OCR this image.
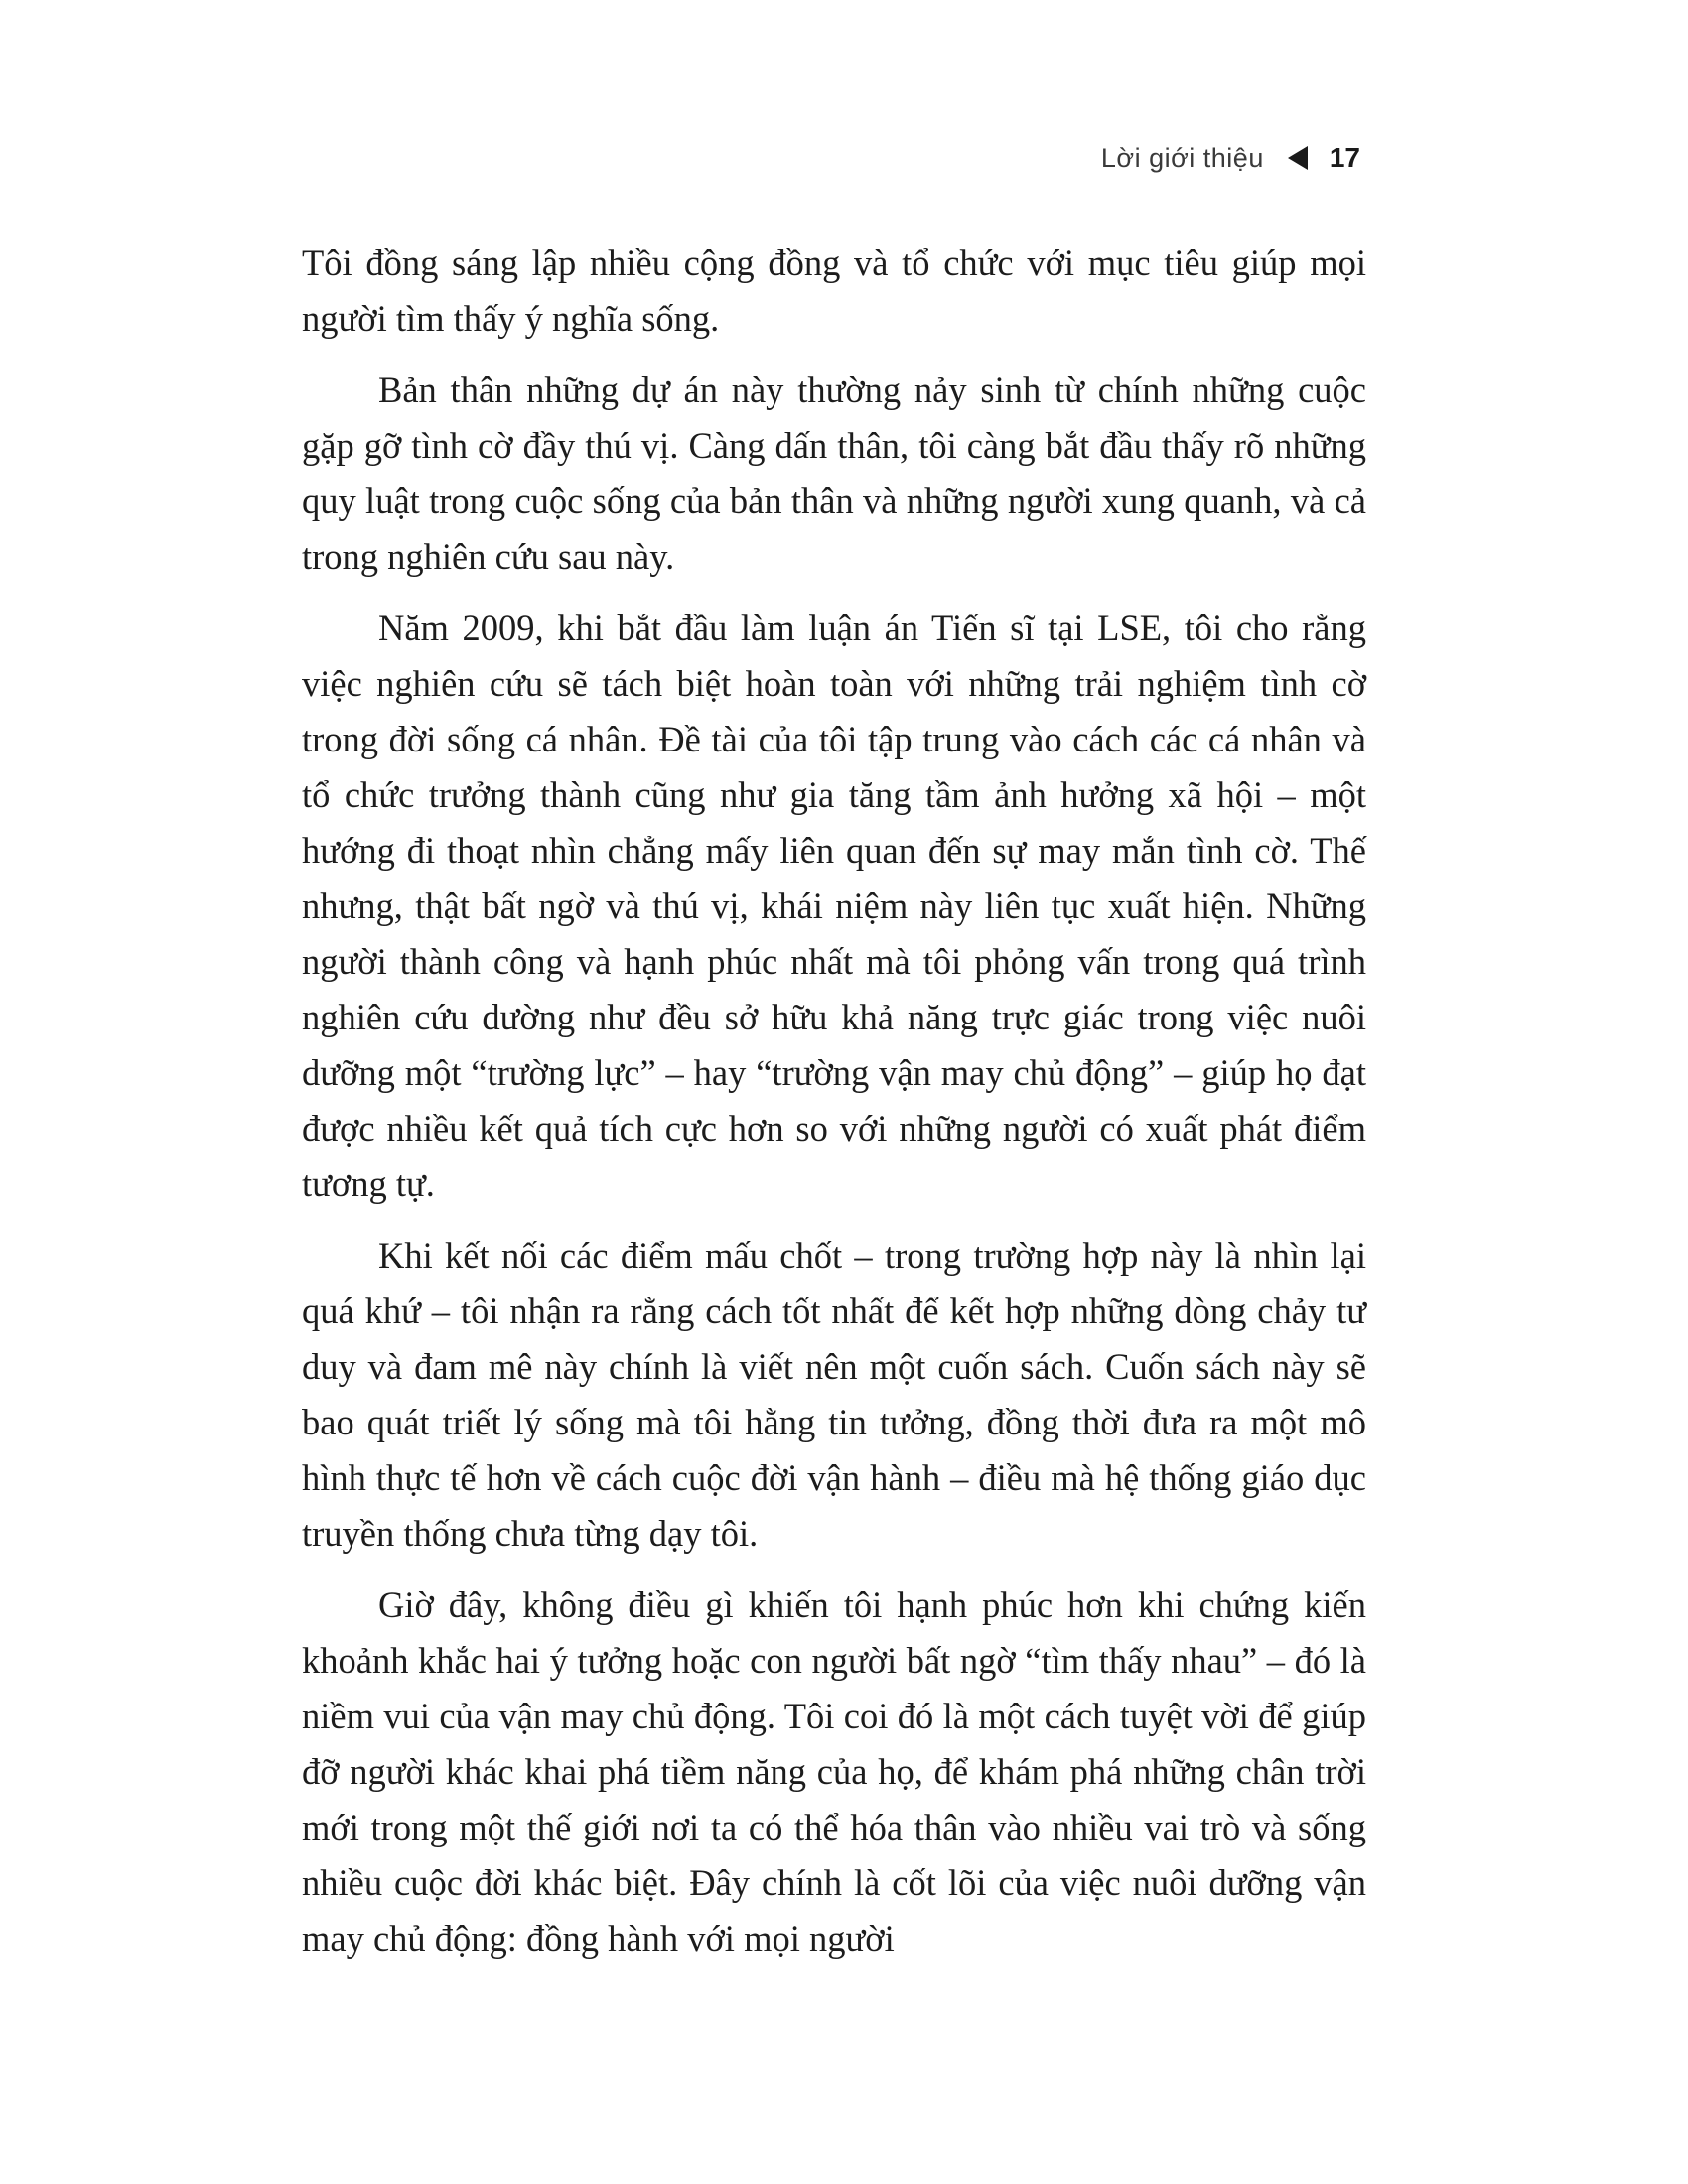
Lời giới thiệu 17

Tôi đồng sáng lập nhiều cộng đồng và tổ chức với mục tiêu giúp mọi người tìm thấy ý nghĩa sống.

Bản thân những dự án này thường nảy sinh từ chính những cuộc gặp gỡ tình cờ đầy thú vị. Càng dấn thân, tôi càng bắt đầu thấy rõ những quy luật trong cuộc sống của bản thân và những người xung quanh, và cả trong nghiên cứu sau này.

Năm 2009, khi bắt đầu làm luận án Tiến sĩ tại LSE, tôi cho rằng việc nghiên cứu sẽ tách biệt hoàn toàn với những trải nghiệm tình cờ trong đời sống cá nhân. Đề tài của tôi tập trung vào cách các cá nhân và tổ chức trưởng thành cũng như gia tăng tầm ảnh hưởng xã hội – một hướng đi thoạt nhìn chẳng mấy liên quan đến sự may mắn tình cờ. Thế nhưng, thật bất ngờ và thú vị, khái niệm này liên tục xuất hiện. Những người thành công và hạnh phúc nhất mà tôi phỏng vấn trong quá trình nghiên cứu dường như đều sở hữu khả năng trực giác trong việc nuôi dưỡng một “trường lực” – hay “trường vận may chủ động” – giúp họ đạt được nhiều kết quả tích cực hơn so với những người có xuất phát điểm tương tự.

Khi kết nối các điểm mấu chốt – trong trường hợp này là nhìn lại quá khứ – tôi nhận ra rằng cách tốt nhất để kết hợp những dòng chảy tư duy và đam mê này chính là viết nên một cuốn sách. Cuốn sách này sẽ bao quát triết lý sống mà tôi hằng tin tưởng, đồng thời đưa ra một mô hình thực tế hơn về cách cuộc đời vận hành – điều mà hệ thống giáo dục truyền thống chưa từng dạy tôi.

Giờ đây, không điều gì khiến tôi hạnh phúc hơn khi chứng kiến khoảnh khắc hai ý tưởng hoặc con người bất ngờ “tìm thấy nhau” – đó là niềm vui của vận may chủ động. Tôi coi đó là một cách tuyệt vời để giúp đỡ người khác khai phá tiềm năng của họ, để khám phá những chân trời mới trong một thế giới nơi ta có thể hóa thân vào nhiều vai trò và sống nhiều cuộc đời khác biệt. Đây chính là cốt lõi của việc nuôi dưỡng vận may chủ động: đồng hành với mọi người
